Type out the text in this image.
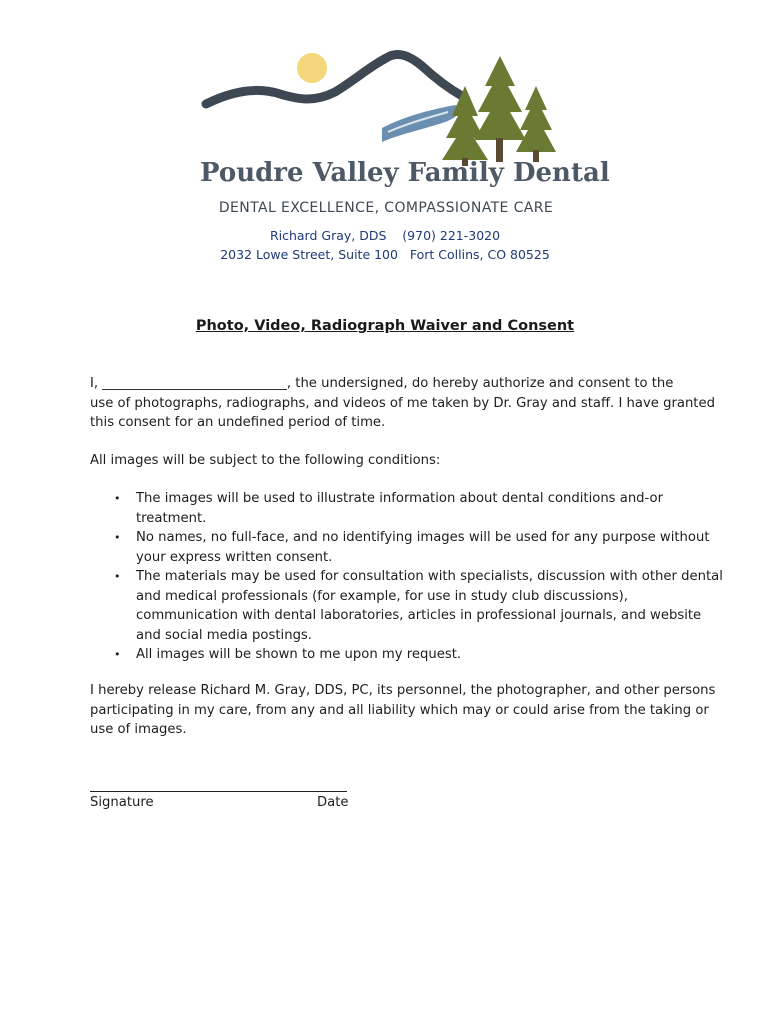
Poudre Valley Family Dental
DENTAL EXCELLENCE, COMPASSIONATE CARE
Richard Gray, DDS    (970) 221-3020
2032 Lowe Street, Suite 100   Fort Collins, CO 80525
Photo, Video, Radiograph Waiver and Consent
I, ____________________________, the undersigned, do hereby authorize and consent to the
use of photographs, radiographs, and videos of me taken by Dr. Gray and staff. I have granted
this consent for an undefined period of time.
All images will be subject to the following conditions:
• The images will be used to illustrate information about dental conditions and-or
treatment.
• No names, no full-face, and no identifying images will be used for any purpose without
your express written consent.
• The materials may be used for consultation with specialists, discussion with other dental
and medical professionals (for example, for use in study club discussions),
communication with dental laboratories, articles in professional journals, and website
and social media postings.
• All images will be shown to me upon my request.
I hereby release Richard M. Gray, DDS, PC, its personnel, the photographer, and other persons
participating in my care, from any and all liability which may or could arise from the taking or
use of images.
Signature	Date
